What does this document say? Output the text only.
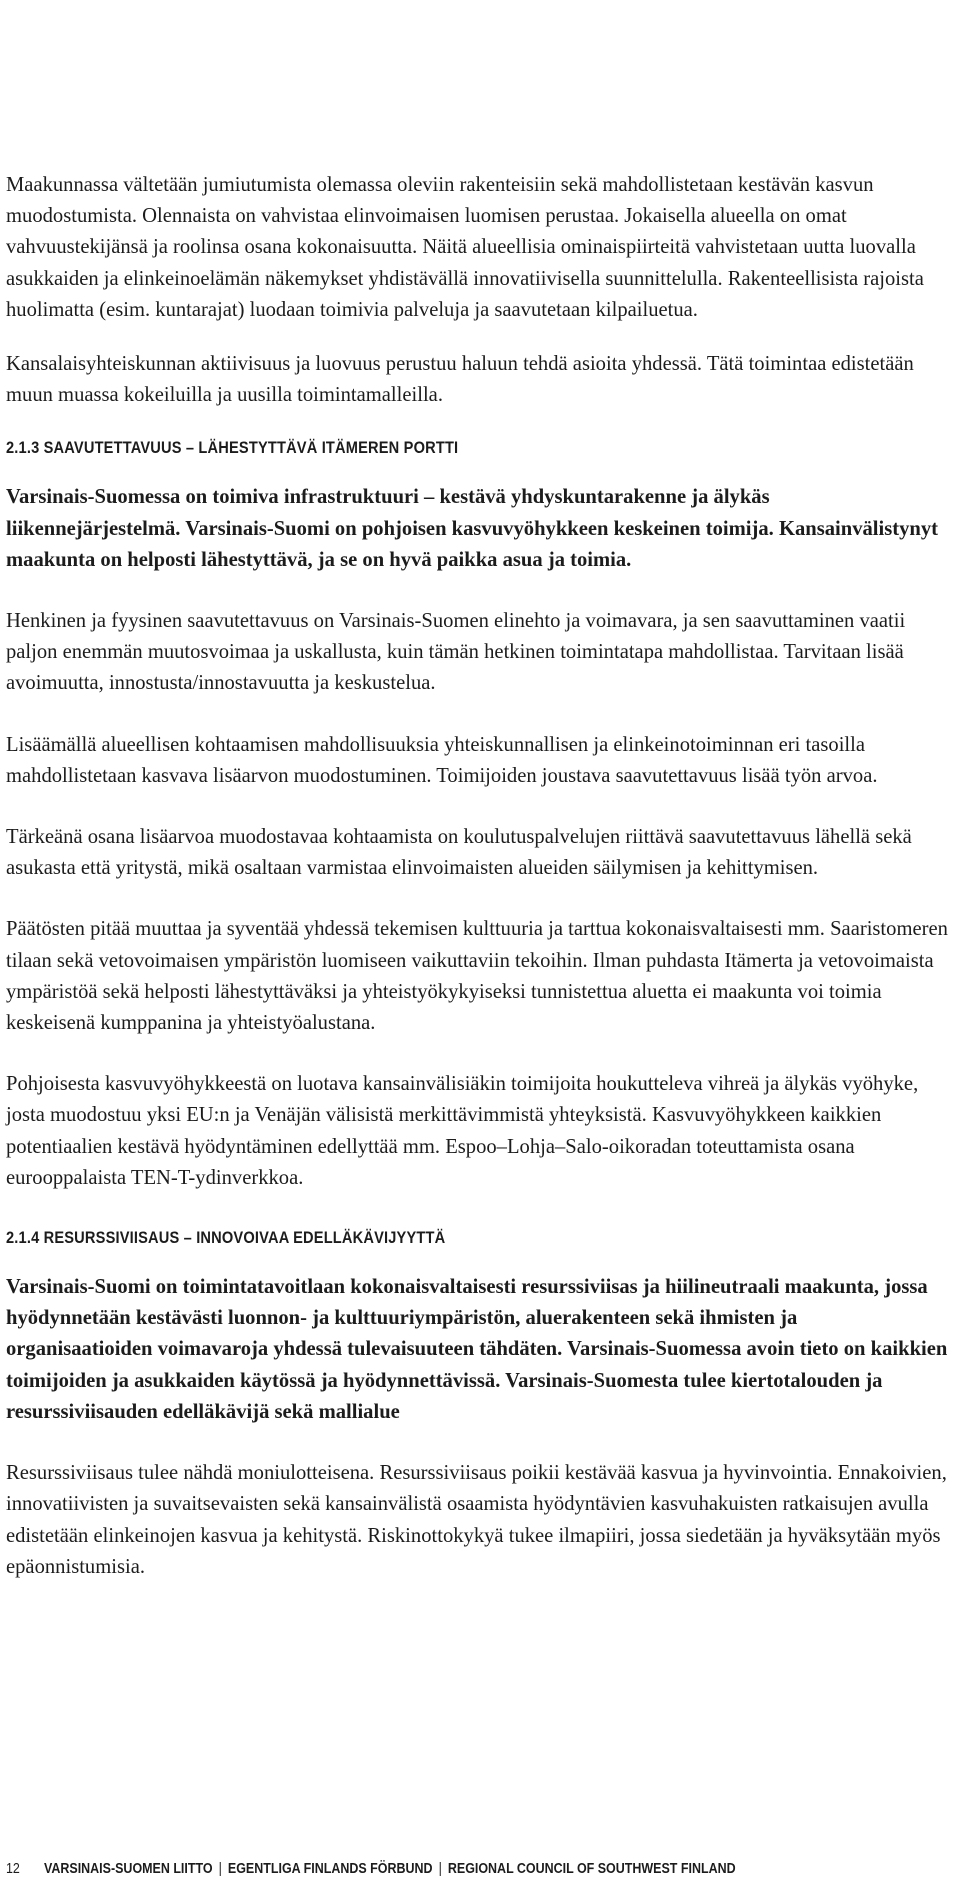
Maakunnassa vältetään jumiutumista olemassa oleviin rakenteisiin sekä mahdollistetaan kestävän kasvun muodostumista. Olennaista on vahvistaa elinvoimaisen luomisen perustaa. Jokaisella alueella on omat vahvuustekijänsä ja roolinsa osana kokonaisuutta. Näitä alueellisia ominaispiirteitä vahvistetaan uutta luovalla asukkaiden ja elinkeinoelämän näkemykset yhdistävällä innovatiivisella suunnittelulla. Rakenteellisista rajoista huolimatta (esim. kuntarajat) luodaan toimivia palveluja ja saavutetaan kilpailuetua.

Kansalaisyhteiskunnan aktiivisuus ja luovuus perustuu haluun tehdä asioita yhdessä. Tätä toimintaa edistetään muun muassa kokeiluilla ja uusilla toimintamalleilla.

2.1.3 SAAVUTETTAVUUS – LÄHESTYTTÄVÄ ITÄMEREN PORTTI

Varsinais-Suomessa on toimiva infrastruktuuri – kestävä yhdyskuntarakenne ja älykäs liikennejärjestelmä. Varsinais-Suomi on pohjoisen kasvuvyöhykkeen keskeinen toimija. Kansainvälistynyt maakunta on helposti lähestyttävä, ja se on hyvä paikka asua ja toimia.

Henkinen ja fyysinen saavutettavuus on Varsinais-Suomen elinehto ja voimavara, ja sen saavuttaminen vaatii paljon enemmän muutosvoimaa ja uskallusta, kuin tämän hetkinen toimintatapa mahdollistaa. Tarvitaan lisää avoimuutta, innostusta/innostavuutta ja keskustelua.

Lisäämällä alueellisen kohtaamisen mahdollisuuksia yhteiskunnallisen ja elinkeinotoiminnan eri tasoilla mahdollistetaan kasvava lisäarvon muodostuminen. Toimijoiden joustava saavutettavuus lisää työn arvoa.

Tärkeänä osana lisäarvoa muodostavaa kohtaamista on koulutuspalvelujen riittävä saavutettavuus lähellä sekä asukasta että yritystä, mikä osaltaan varmistaa elinvoimaisten alueiden säilymisen ja kehittymisen.

Päätösten pitää muuttaa ja syventää yhdessä tekemisen kulttuuria ja tarttua kokonaisvaltaisesti mm. Saaristomeren tilaan sekä vetovoimaisen ympäristön luomiseen vaikuttaviin tekoihin. Ilman puhdasta Itämerta ja vetovoimaista ympäristöä sekä helposti lähestyttäväksi ja yhteistyökykyiseksi tunnistettua aluetta ei maakunta voi toimia keskeisenä kumppanina ja yhteistyöalustana.

Pohjoisesta kasvuvyöhykkeestä on luotava kansainvälisiäkin toimijoita houkutteleva vihreä ja älykäs vyöhyke, josta muodostuu yksi EU:n ja Venäjän välisistä merkittävimmistä yhteyksistä. Kasvuvyöhykkeen kaikkien potentiaalien kestävä hyödyntäminen edellyttää mm. Espoo–Lohja–Salo-oikoradan toteuttamista osana eurooppalaista TEN-T-ydinverkkoa.

2.1.4 RESURSSIVIISAUS – INNOVOIVAA EDELLÄKÄVIJYYTTÄ

Varsinais-Suomi on toimintatavoitlaan kokonaisvaltaisesti resurssiviisas ja hiilineutraali maakunta, jossa hyödynnetään kestävästi luonnon- ja kulttuuriympäristön, aluerakenteen sekä ihmisten ja organisaatioiden voimavaroja yhdessä tulevaisuuteen tähdäten. Varsinais-Suomessa avoin tieto on kaikkien toimijoiden ja asukkaiden käytössä ja hyödynnettävissä. Varsinais-Suomesta tulee kiertotalouden ja resurssiviisauden edelläkävijä sekä mallialue

Resurssiviisaus tulee nähdä moniulotteisena. Resurssiviisaus poikii kestävää kasvua ja hyvinvointia. Ennakoivien, innovatiivisten ja suvaitsevaisten sekä kansainvälistä osaamista hyödyntävien kasvuhakuisten ratkaisujen avulla edistetään elinkeinojen kasvua ja kehitystä. Riskinottokykyä tukee ilmapiiri, jossa siedetään ja hyväksytään myös epäonnistumisia.

12 VARSINAIS-SUOMEN LIITTO | EGENTLIGA FINLANDS FÖRBUND | REGIONAL COUNCIL OF SOUTHWEST FINLAND
